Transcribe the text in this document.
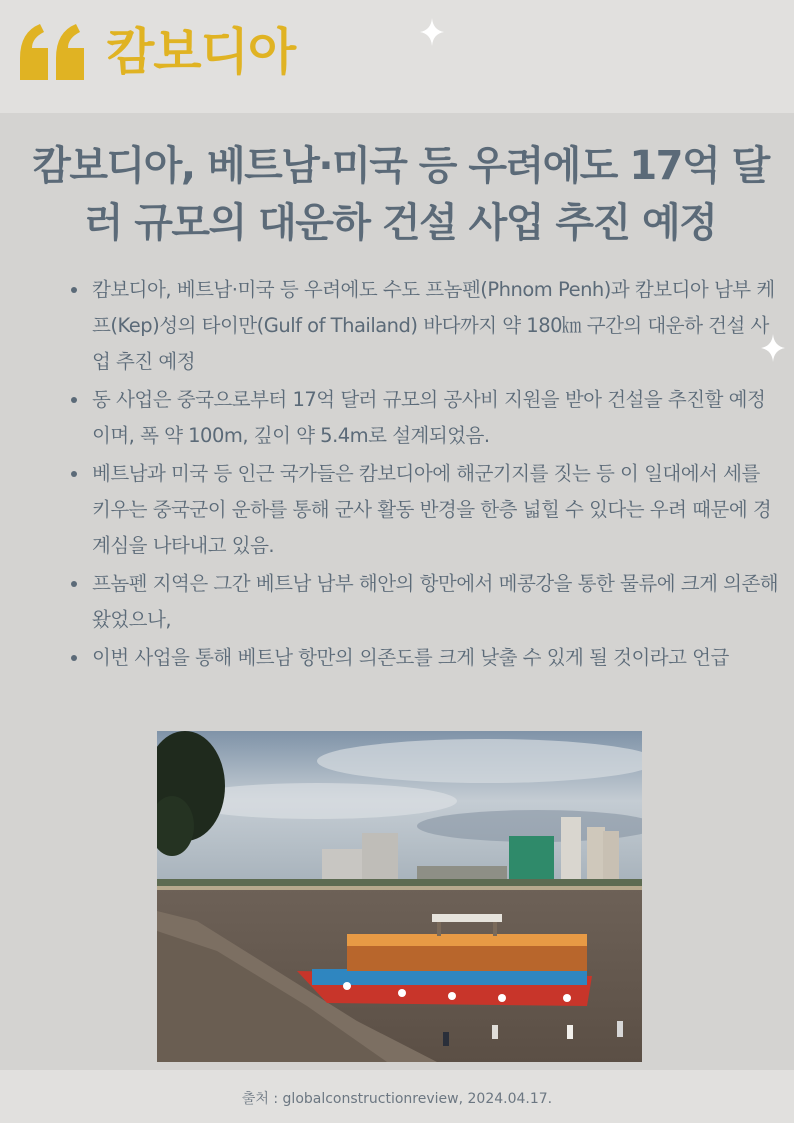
캄보디아
캄보디아, 베트남·미국 등 우려에도 17억 달러 규모의 대운하 건설 사업 추진 예정
• 캄보디아, 베트남·미국 등 우려에도 수도 프놈펜(Phnom Penh)과 캄보디아 남부 케프(Kep)성의 타이만(Gulf of Thailand) 바다까지 약 180㎞ 구간의 대운하 건설 사업 추진 예정
• 동 사업은 중국으로부터 17억 달러 규모의 공사비 지원을 받아 건설을 추진할 예정이며, 폭 약 100m, 깊이 약 5.4m로 설계되었음.
• 베트남과 미국 등 인근 국가들은 캄보디아에 해군기지를 짓는 등 이 일대에서 세를 키우는 중국군이 운하를 통해 군사 활동 반경을 한층 넓힐 수 있다는 우려 때문에 경계심을 나타내고 있음.
• 프놈펜 지역은 그간 베트남 남부 해안의 항만에서 메콩강을 통한 물류에 크게 의존해 왔었으나,
• 이번 사업을 통해 베트남 항만의 의존도를 크게 낮출 수 있게 될 것이라고 언급
출처 : globalconstructionreview, 2024.04.17.
